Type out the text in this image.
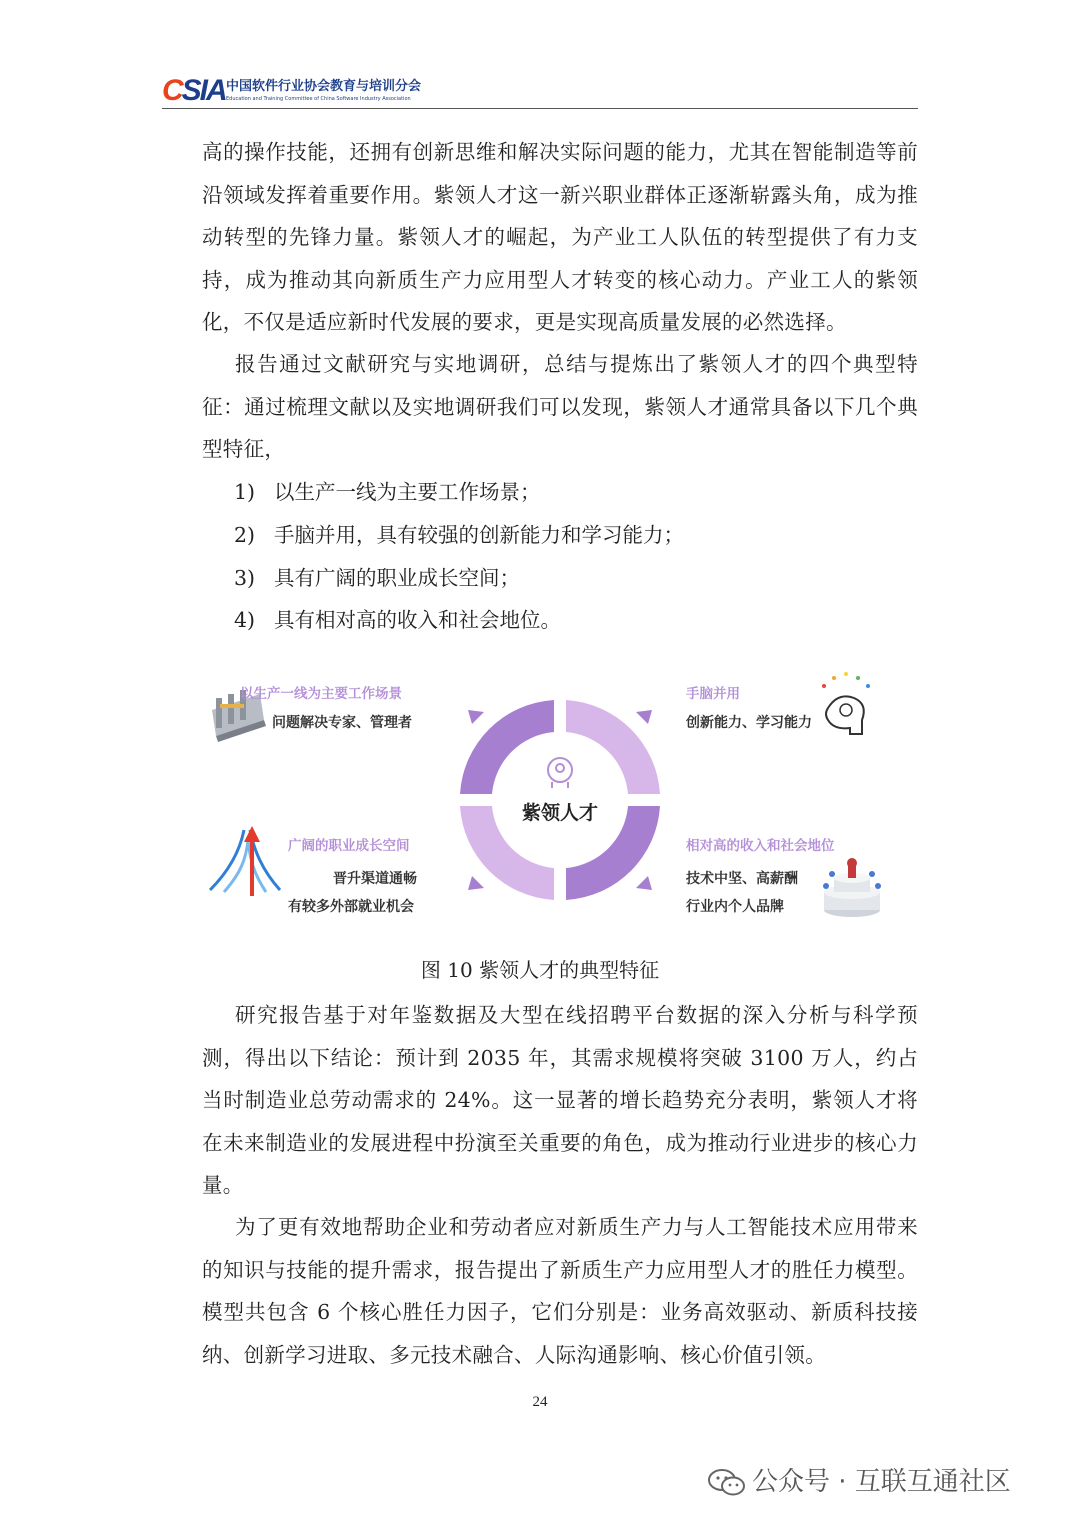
CSIA 中国软件行业协会教育与培训分会
Education and Training Committee of China Software Industry Association

高的操作技能，还拥有创新思维和解决实际问题的能力，尤其在智能制造等前沿领域发挥着重要作用。紫领人才这一新兴职业群体正逐渐崭露头角，成为推动转型的先锋力量。紫领人才的崛起，为产业工人队伍的转型提供了有力支持，成为推动其向新质生产力应用型人才转变的核心动力。产业工人的紫领化，不仅是适应新时代发展的要求，更是实现高质量发展的必然选择。

报告通过文献研究与实地调研，总结与提炼出了紫领人才的四个典型特征：通过梳理文献以及实地调研我们可以发现，紫领人才通常具备以下几个典型特征，

1) 以生产一线为主要工作场景；

2) 手脑并用，具有较强的创新能力和学习能力；

3) 具有广阔的职业成长空间；

4) 具有相对高的收入和社会地位。

紫领人才
以生产一线为主要工作场景
问题解决专家、管理者
手脑并用
创新能力、学习能力
广阔的职业成长空间
晋升渠道通畅
有较多外部就业机会
相对高的收入和社会地位
技术中坚、高薪酬
行业内个人品牌
图 10 紫领人才的典型特征

研究报告基于对年鉴数据及大型在线招聘平台数据的深入分析与科学预测，得出以下结论：预计到 2035 年，其需求规模将突破 3100 万人，约占当时制造业总劳动需求的 24%。这一显著的增长趋势充分表明，紫领人才将在未来制造业的发展进程中扮演至关重要的角色，成为推动行业进步的核心力量。

为了更有效地帮助企业和劳动者应对新质生产力与人工智能技术应用带来的知识与技能的提升需求，报告提出了新质生产力应用型人才的胜任力模型。模型共包含 6 个核心胜任力因子，它们分别是：业务高效驱动、新质科技接纳、创新学习进取、多元技术融合、人际沟通影响、核心价值引领。

24
公众号 · 互联互通社区
